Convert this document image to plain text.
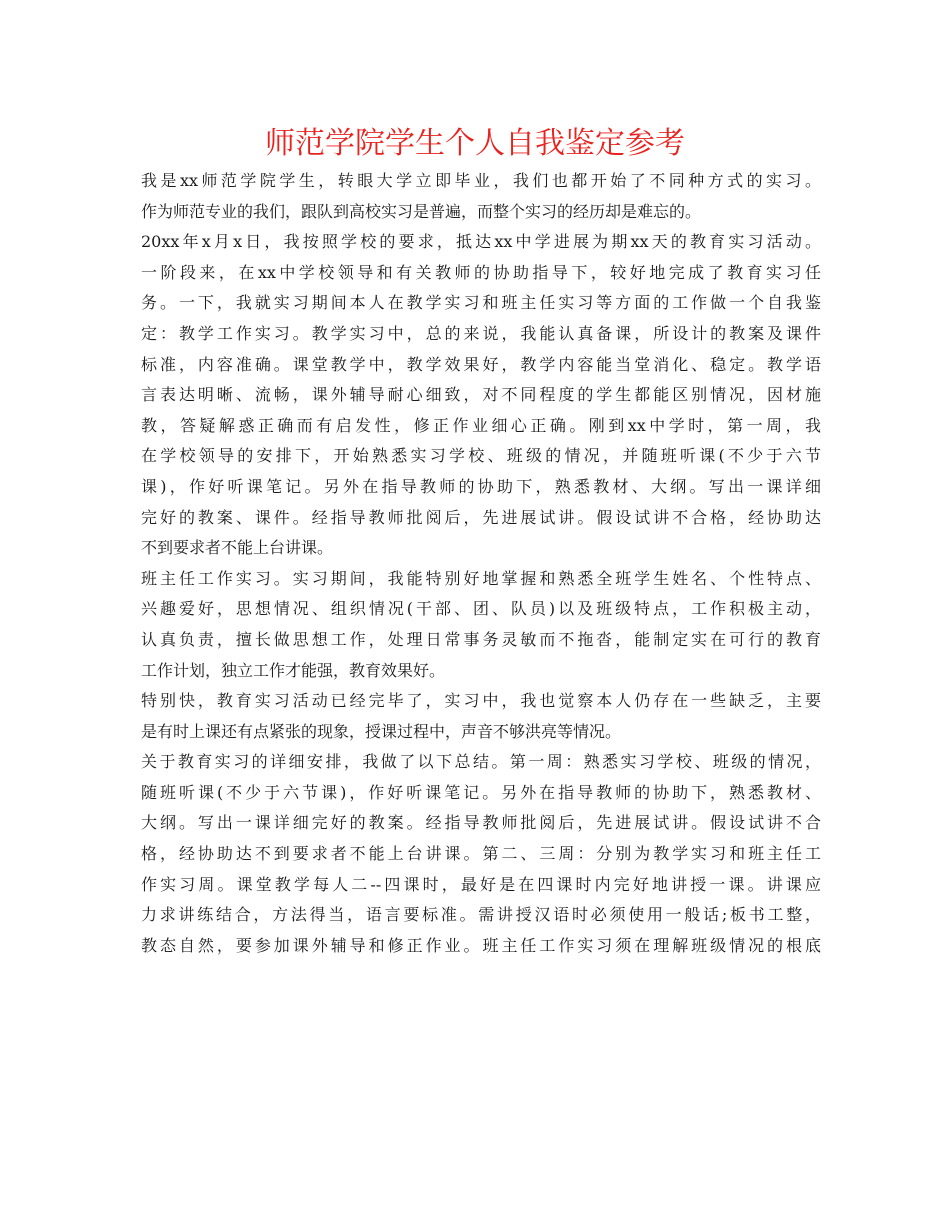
师范学院学生个人自我鉴定参考
我是xx师范学院学生，转眼大学立即毕业，我们也都开始了不同种方式的实习。
作为师范专业的我们，跟队到高校实习是普遍，而整个实习的经历却是难忘的。
20xx年x月x日，我按照学校的要求，抵达xx中学进展为期xx天的教育实习活动。
一阶段来，在xx中学校领导和有关教师的协助指导下，较好地完成了教育实习任
务。一下，我就实习期间本人在教学实习和班主任实习等方面的工作做一个自我鉴
定：教学工作实习。教学实习中，总的来说，我能认真备课，所设计的教案及课件
标准，内容准确。课堂教学中，教学效果好，教学内容能当堂消化、稳定。教学语
言表达明晰、流畅，课外辅导耐心细致，对不同程度的学生都能区别情况，因材施
教，答疑解惑正确而有启发性，修正作业细心正确。刚到xx中学时，第一周，我
在学校领导的安排下，开始熟悉实习学校、班级的情况，并随班听课(不少于六节
课)，作好听课笔记。另外在指导教师的协助下，熟悉教材、大纲。写出一课详细
完好的教案、课件。经指导教师批阅后，先进展试讲。假设试讲不合格，经协助达
不到要求者不能上台讲课。
班主任工作实习。实习期间，我能特别好地掌握和熟悉全班学生姓名、个性特点、
兴趣爱好，思想情况、组织情况(干部、团、队员)以及班级特点，工作积极主动，
认真负责，擅长做思想工作，处理日常事务灵敏而不拖沓，能制定实在可行的教育
工作计划，独立工作才能强，教育效果好。
特别快，教育实习活动已经完毕了，实习中，我也觉察本人仍存在一些缺乏，主要
是有时上课还有点紧张的现象，授课过程中，声音不够洪亮等情况。
关于教育实习的详细安排，我做了以下总结。第一周：熟悉实习学校、班级的情况，
随班听课(不少于六节课)，作好听课笔记。另外在指导教师的协助下，熟悉教材、
大纲。写出一课详细完好的教案。经指导教师批阅后，先进展试讲。假设试讲不合
格，经协助达不到要求者不能上台讲课。第二、三周：分别为教学实习和班主任工
作实习周。课堂教学每人二--四课时，最好是在四课时内完好地讲授一课。讲课应
力求讲练结合，方法得当，语言要标准。需讲授汉语时必须使用一般话;板书工整，
教态自然，要参加课外辅导和修正作业。班主任工作实习须在理解班级情况的根底
